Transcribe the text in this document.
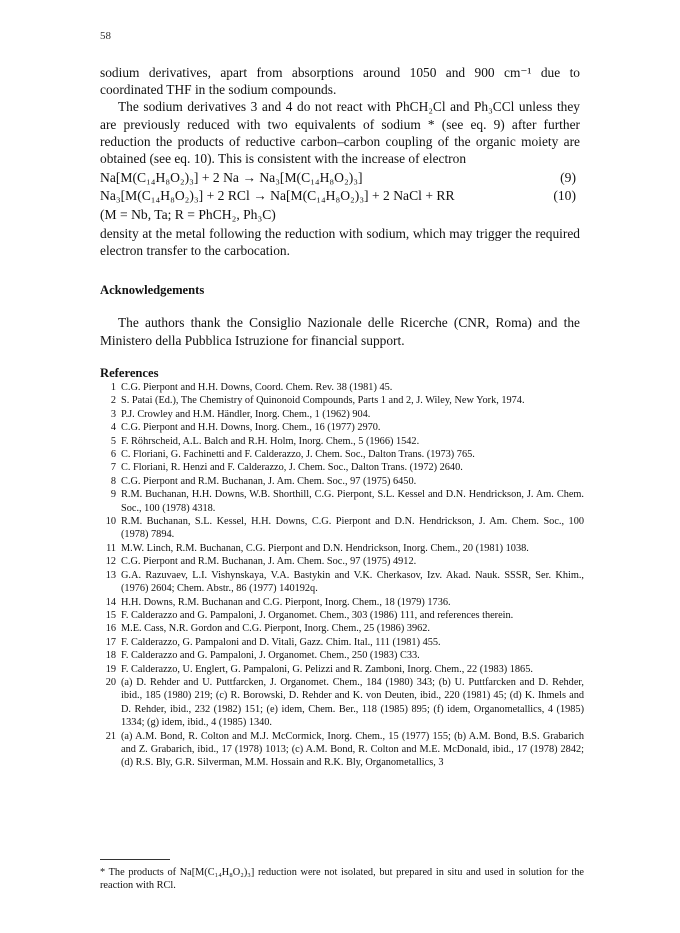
58

sodium derivatives, apart from absorptions around 1050 and 900 cm⁻¹ due to coordinated THF in the sodium compounds.

The sodium derivatives 3 and 4 do not react with PhCH₂Cl and Ph₃CCl unless they are previously reduced with two equivalents of sodium * (see eq. 9) after further reduction the products of reductive carbon–carbon coupling of the organic moiety are obtained (see eq. 10). This is consistent with the increase of electron

Na[M(C₁₄H₈O₂)₃] + 2 Na → Na₃[M(C₁₄H₈O₂)₃]	(9)
Na₃[M(C₁₄H₈O₂)₃] + 2 RCl → Na[M(C₁₄H₈O₂)₃] + 2 NaCl + RR	(10)
(M = Nb, Ta; R = PhCH₂, Ph₃C)

density at the metal following the reduction with sodium, which may trigger the required electron transfer to the carbocation.

Acknowledgements

The authors thank the Consiglio Nazionale delle Ricerche (CNR, Roma) and the Ministero della Pubblica Istruzione for financial support.

References

1 C.G. Pierpont and H.H. Downs, Coord. Chem. Rev. 38 (1981) 45.
2 S. Patai (Ed.), The Chemistry of Quinonoid Compounds, Parts 1 and 2, J. Wiley, New York, 1974.
3 P.J. Crowley and H.M. Händler, Inorg. Chem., 1 (1962) 904.
4 C.G. Pierpont and H.H. Downs, Inorg. Chem., 16 (1977) 2970.
5 F. Röhrscheid, A.L. Balch and R.H. Holm, Inorg. Chem., 5 (1966) 1542.
6 C. Floriani, G. Fachinetti and F. Calderazzo, J. Chem. Soc., Dalton Trans. (1973) 765.
7 C. Floriani, R. Henzi and F. Calderazzo, J. Chem. Soc., Dalton Trans. (1972) 2640.
8 C.G. Pierpont and R.M. Buchanan, J. Am. Chem. Soc., 97 (1975) 6450.
9 R.M. Buchanan, H.H. Downs, W.B. Shorthill, C.G. Pierpont, S.L. Kessel and D.N. Hendrickson, J. Am. Chem. Soc., 100 (1978) 4318.
10 R.M. Buchanan, S.L. Kessel, H.H. Downs, C.G. Pierpont and D.N. Hendrickson, J. Am. Chem. Soc., 100 (1978) 7894.
11 M.W. Linch, R.M. Buchanan, C.G. Pierpont and D.N. Hendrickson, Inorg. Chem., 20 (1981) 1038.
12 C.G. Pierpont and R.M. Buchanan, J. Am. Chem. Soc., 97 (1975) 4912.
13 G.A. Razuvaev, L.I. Vishynskaya, V.A. Bastykin and V.K. Cherkasov, Izv. Akad. Nauk. SSSR, Ser. Khim., (1976) 2604; Chem. Abstr., 86 (1977) 140192q.
14 H.H. Downs, R.M. Buchanan and C.G. Pierpont, Inorg. Chem., 18 (1979) 1736.
15 F. Calderazzo and G. Pampaloni, J. Organomet. Chem., 303 (1986) 111, and references therein.
16 M.E. Cass, N.R. Gordon and C.G. Pierpont, Inorg. Chem., 25 (1986) 3962.
17 F. Calderazzo, G. Pampaloni and D. Vitali, Gazz. Chim. Ital., 111 (1981) 455.
18 F. Calderazzo and G. Pampaloni, J. Organomet. Chem., 250 (1983) C33.
19 F. Calderazzo, U. Englert, G. Pampaloni, G. Pelizzi and R. Zamboni, Inorg. Chem., 22 (1983) 1865.
20 (a) D. Rehder and U. Puttfarcken, J. Organomet. Chem., 184 (1980) 343; (b) U. Puttfarcken and D. Rehder, ibid., 185 (1980) 219; (c) R. Borowski, D. Rehder and K. von Deuten, ibid., 220 (1981) 45; (d) K. Ihmels and D. Rehder, ibid., 232 (1982) 151; (e) idem, Chem. Ber., 118 (1985) 895; (f) idem, Organometallics, 4 (1985) 1334; (g) idem, ibid., 4 (1985) 1340.
21 (a) A.M. Bond, R. Colton and M.J. McCormick, Inorg. Chem., 15 (1977) 155; (b) A.M. Bond, B.S. Grabarich and Z. Grabarich, ibid., 17 (1978) 1013; (c) A.M. Bond, R. Colton and M.E. McDonald, ibid., 17 (1978) 2842; (d) R.S. Bly, G.R. Silverman, M.M. Hossain and R.K. Bly, Organometallics, 3
* The products of Na[M(C₁₄H₈O₂)₃] reduction were not isolated, but prepared in situ and used in solution for the reaction with RCl.
